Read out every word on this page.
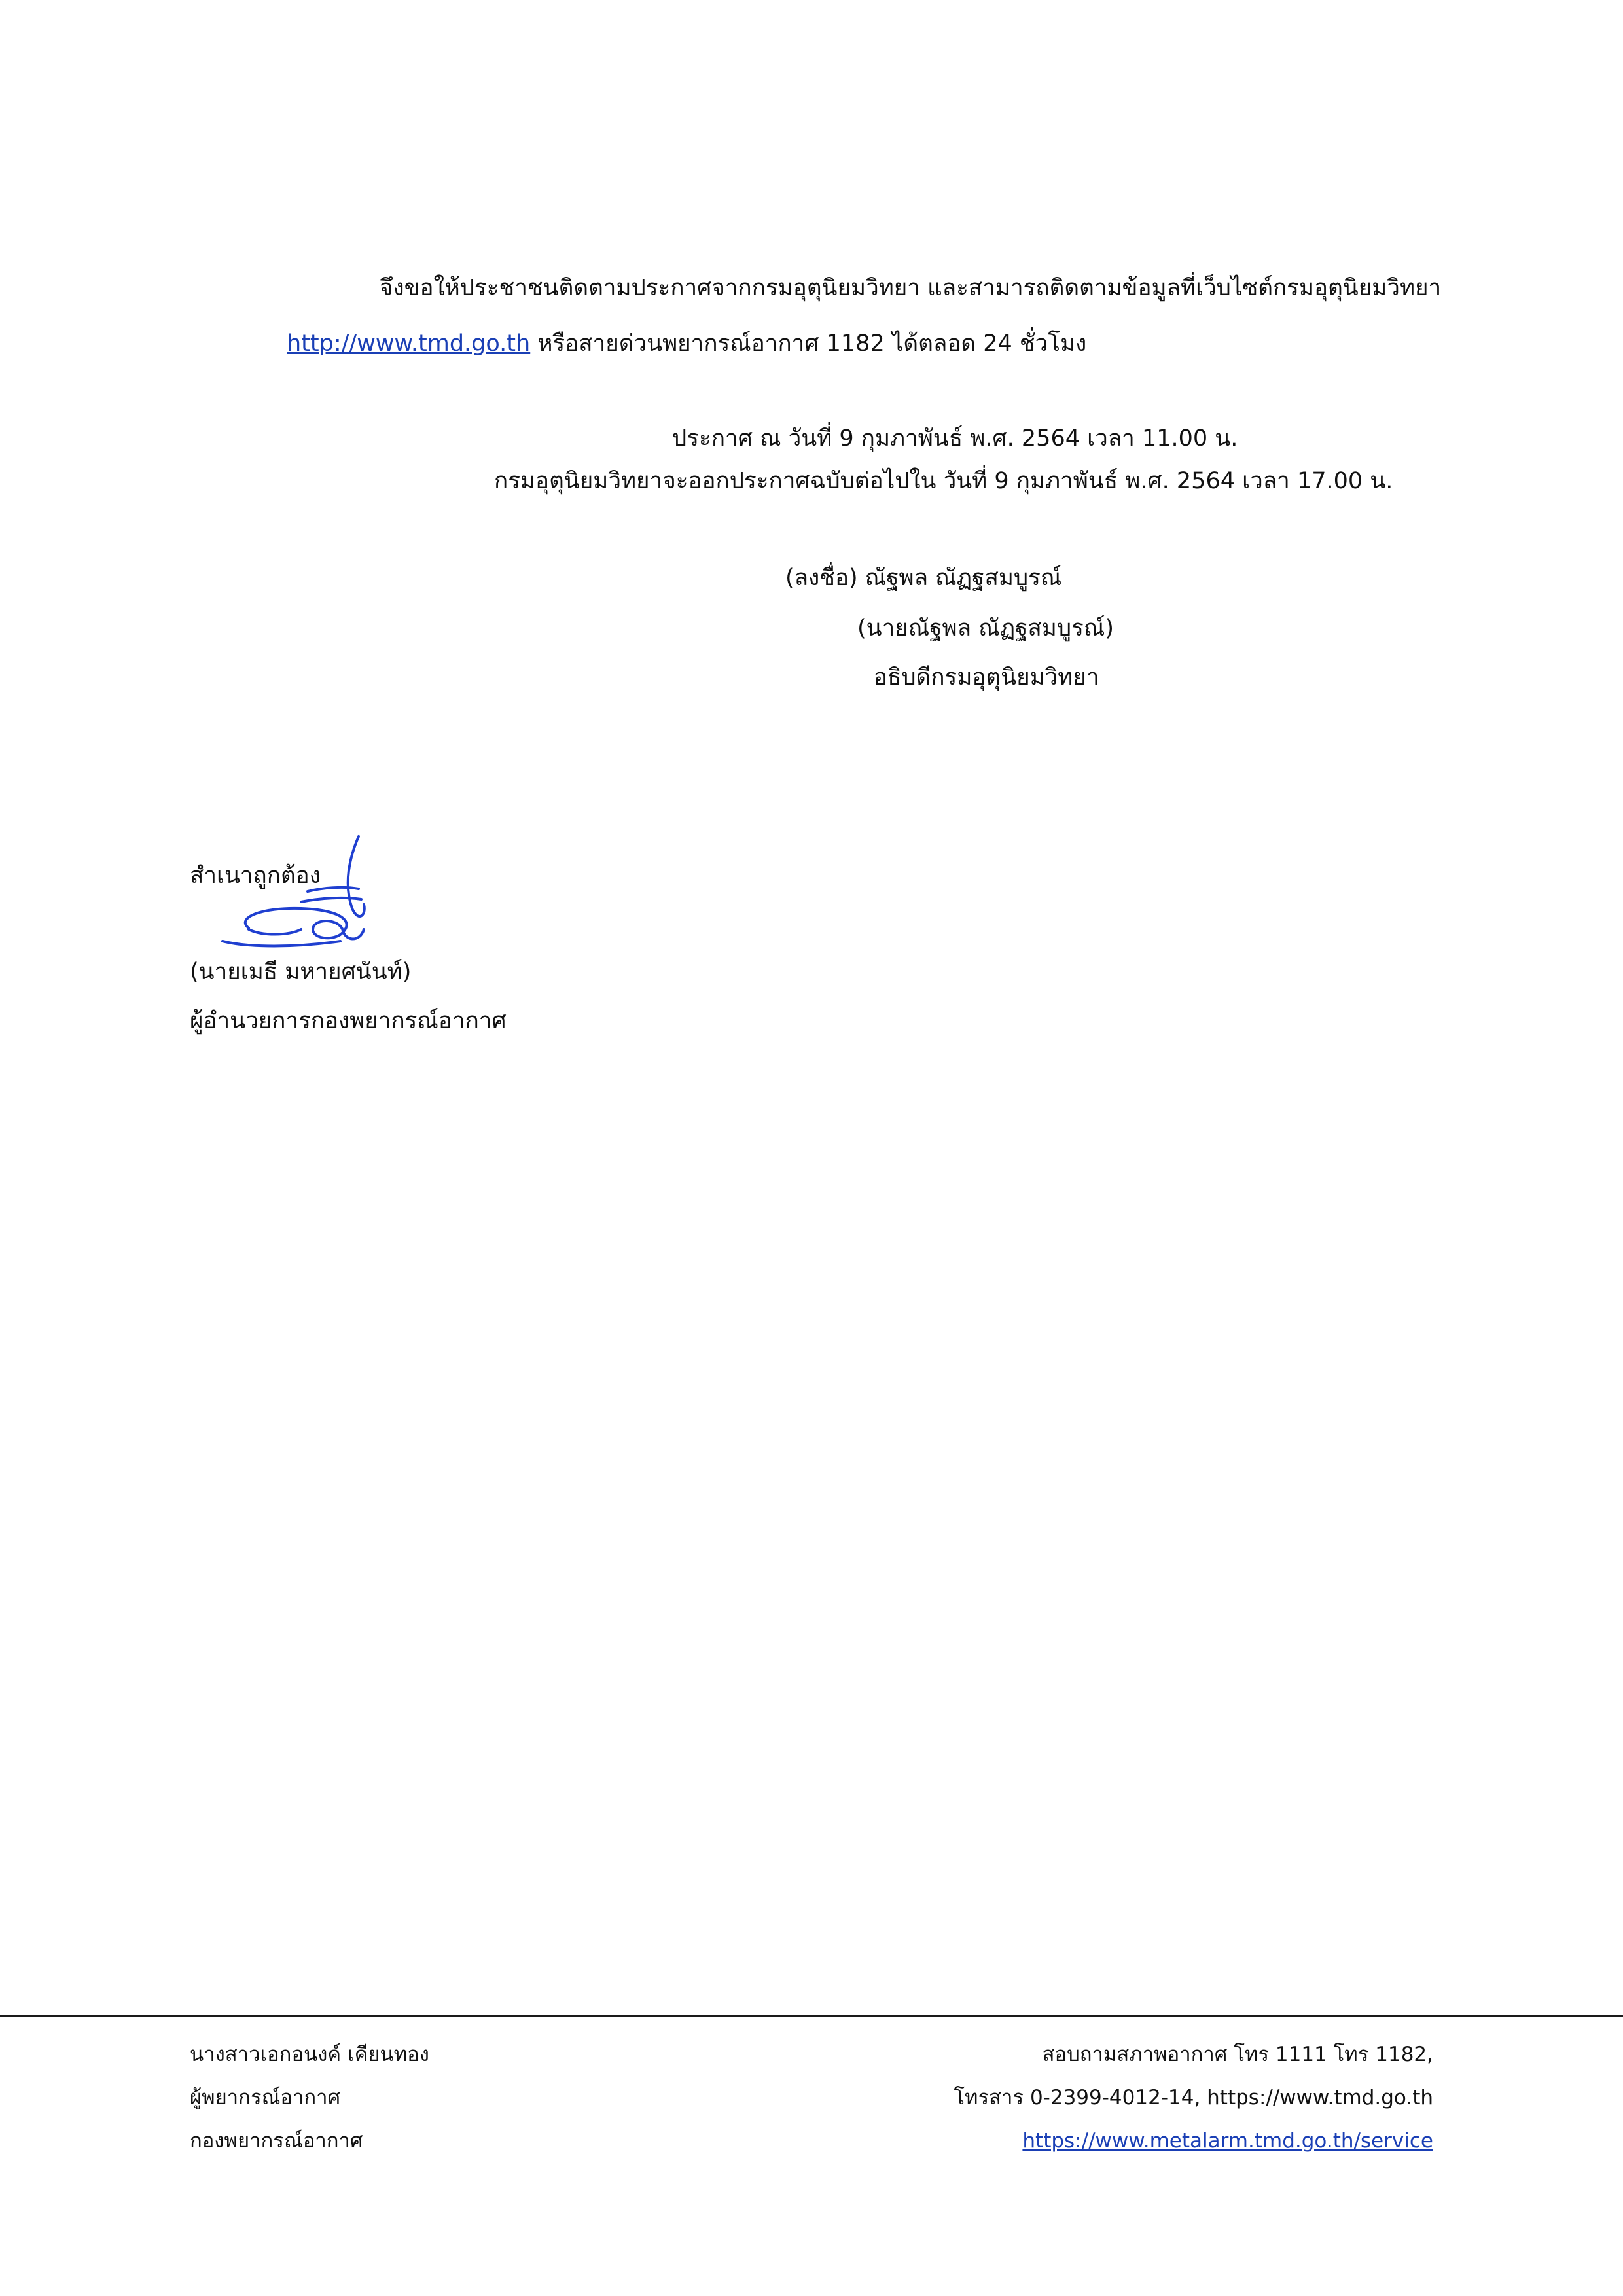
จึงขอให้ประชาชนติดตามประกาศจากกรมอุตุนิยมวิทยา และสามารถติดตามข้อมูลที่เว็บไซต์กรมอุตุนิยมวิทยา
http://www.tmd.go.th หรือสายด่วนพยากรณ์อากาศ 1182 ได้ตลอด 24 ชั่วโมง
ประกาศ ณ วันที่ 9 กุมภาพันธ์ พ.ศ. 2564 เวลา 11.00 น.
กรมอุตุนิยมวิทยาจะออกประกาศฉบับต่อไปใน วันที่ 9 กุมภาพันธ์ พ.ศ. 2564 เวลา 17.00 น.
(ลงชื่อ) ณัฐพล ณัฏฐสมบูรณ์
(นายณัฐพล ณัฏฐสมบูรณ์)
อธิบดีกรมอุตุนิยมวิทยา
สำเนาถูกต้อง
(นายเมธี มหายศนันท์)
ผู้อำนวยการกองพยากรณ์อากาศ
นางสาวเอกอนงค์ เคียนทอง
ผู้พยากรณ์อากาศ
กองพยากรณ์อากาศ
สอบถามสภาพอากาศ โทร 1111 โทร 1182,
โทรสาร 0-2399-4012-14, https://www.tmd.go.th
https://www.metalarm.tmd.go.th/service
